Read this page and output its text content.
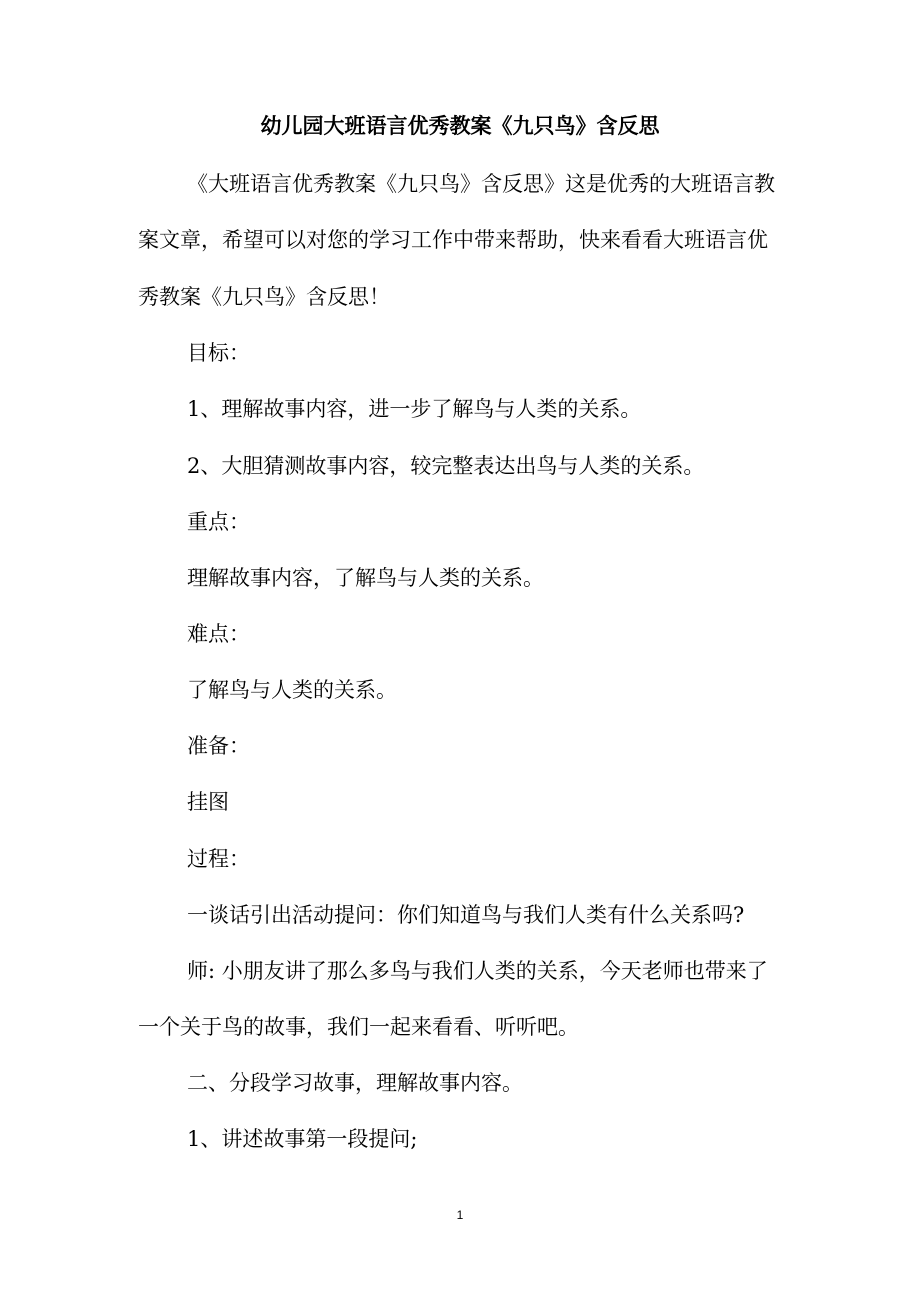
幼儿园大班语言优秀教案《九只鸟》含反思
《大班语言优秀教案《九只鸟》含反思》这是优秀的大班语言教
案文章，希望可以对您的学习工作中带来帮助，快来看看大班语言优
秀教案《九只鸟》含反思！
目标：
1、理解故事内容，进一步了解鸟与人类的关系。
2、大胆猜测故事内容，较完整表达出鸟与人类的关系。
重点：
理解故事内容，了解鸟与人类的关系。
难点：
了解鸟与人类的关系。
准备：
挂图
过程：
一谈话引出活动提问：你们知道鸟与我们人类有什么关系吗?
师: 小朋友讲了那么多鸟与我们人类的关系，今天老师也带来了
一个关于鸟的故事，我们一起来看看、听听吧。
二、分段学习故事，理解故事内容。
1、讲述故事第一段提问;
1
